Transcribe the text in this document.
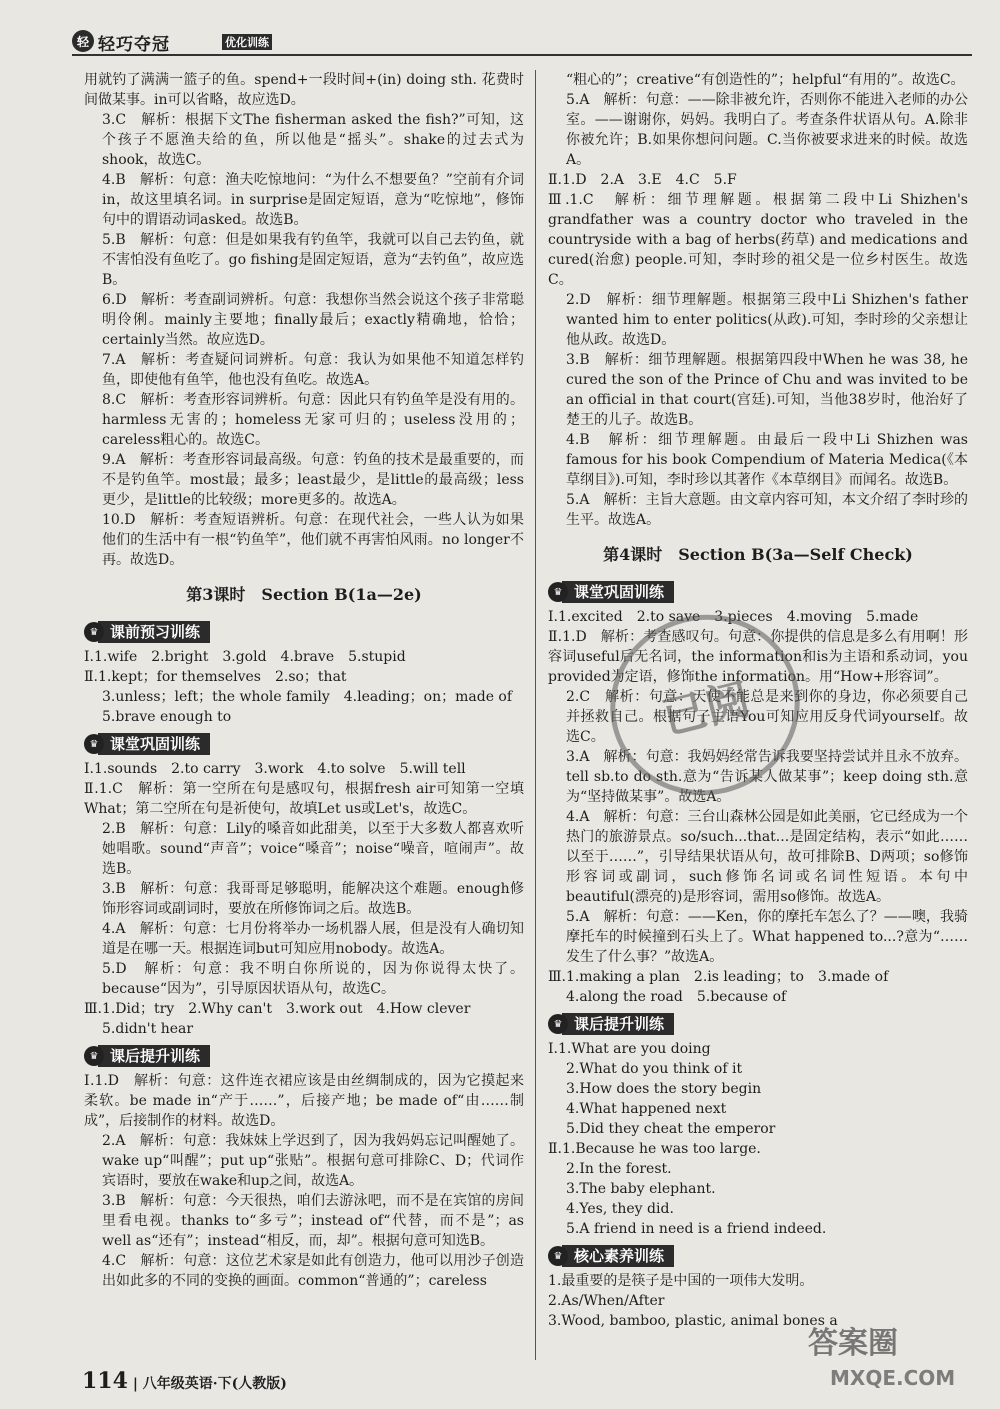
轻 轻巧夺冠	优化训练

用就钓了满满一篮子的鱼。spend+一段时间+(in) doing sth. 花费时间做某事。in可以省略，故应选D。

3.C　解析：根据下文The fisherman asked the fish?”可知，这个孩子不愿渔夫给的鱼，所以他是“摇头”。shake的过去式为shook，故选C。

4.B　解析：句意：渔夫吃惊地问：“为什么不想要鱼？”空前有介词in，故这里填名词。in surprise是固定短语，意为“吃惊地”，修饰句中的谓语动词asked。故选B。

5.B　解析：句意：但是如果我有钓鱼竿，我就可以自己去钓鱼，就不害怕没有鱼吃了。go fishing是固定短语，意为“去钓鱼”，故应选B。

6.D　解析：考查副词辨析。句意：我想你当然会说这个孩子非常聪明伶俐。mainly主要地；finally最后；exactly精确地，恰恰；certainly当然。故应选D。

7.A　解析：考查疑问词辨析。句意：我认为如果他不知道怎样钓鱼，即使他有鱼竿，他也没有鱼吃。故选A。

8.C　解析：考查形容词辨析。句意：因此只有钓鱼竿是没有用的。harmless无害的；homeless无家可归的；useless没用的；careless粗心的。故选C。

9.A　解析：考查形容词最高级。句意：钓鱼的技术是最重要的，而不是钓鱼竿。most最；最多；least最少，是little的最高级；less更少，是little的比较级；more更多的。故选A。

10.D　解析：考查短语辨析。句意：在现代社会，一些人认为如果他们的生活中有一根“钓鱼竿”，他们就不再害怕风雨。no longer不再。故选D。

第3课时　Section B(1a—2e)
♛ 课前预习训练

Ⅰ.1.wife　2.bright　3.gold　4.brave　5.stupid

Ⅱ.1.kept；for themselves　2.so；that

3.unless；left；the whole family　4.leading；on；made of

5.brave enough to

♛ 课堂巩固训练

Ⅰ.1.sounds　2.to carry　3.work　4.to solve　5.will tell

Ⅱ.1.C　解析：第一空所在句是感叹句，根据fresh air可知第一空填What；第二空所在句是祈使句，故填Let us或Let's，故选C。

2.B　解析：句意：Lily的嗓音如此甜美，以至于大多数人都喜欢听她唱歌。sound“声音”；voice“嗓音”；noise“噪音，喧闹声”。故选B。

3.B　解析：句意：我哥哥足够聪明，能解决这个难题。enough修饰形容词或副词时，要放在所修饰词之后。故选B。

4.A　解析：句意：七月份将举办一场机器人展，但是没有人确切知道是在哪一天。根据连词but可知应用nobody。故选A。

5.D　解析：句意：我不明白你所说的，因为你说得太快了。because“因为”，引导原因状语从句，故选C。

Ⅲ.1.Did；try　2.Why can't　3.work out　4.How clever

5.didn't hear

♛ 课后提升训练

Ⅰ.1.D　解析：句意：这件连衣裙应该是由丝绸制成的，因为它摸起来柔软。be made in“产于……”，后接产地；be made of“由……制成”，后接制作的材料。故选D。

2.A　解析：句意：我妹妹上学迟到了，因为我妈妈忘记叫醒她了。wake up“叫醒”；put up“张贴”。根据句意可排除C、D；代词作宾语时，要放在wake和up之间，故选A。

3.B　解析：句意：今天很热，咱们去游泳吧，而不是在宾馆的房间里看电视。thanks to“多亏”；instead of“代替，而不是”；as well as“还有”；instead“相反，而，却”。根据句意可知选B。

4.C　解析：句意：这位艺术家是如此有创造力，他可以用沙子创造出如此多的不同的变换的画面。common“普通的”；careless

“粗心的”；creative“有创造性的”；helpful“有用的”。故选C。

5.A　解析：句意：——除非被允许，否则你不能进入老师的办公室。——谢谢你，妈妈。我明白了。考查条件状语从句。A.除非你被允许；B.如果你想问问题。C.当你被要求进来的时候。故选A。

Ⅱ.1.D　2.A　3.E　4.C　5.F

Ⅲ.1.C　解析：细节理解题。根据第二段中Li Shizhen's grandfather was a country doctor who traveled in the countryside with a bag of herbs(药草) and medications and cured(治愈) people.可知，李时珍的祖父是一位乡村医生。故选C。

2.D　解析：细节理解题。根据第三段中Li Shizhen's father wanted him to enter politics(从政).可知，李时珍的父亲想让他从政。故选D。

3.B　解析：细节理解题。根据第四段中When he was 38, he cured the son of the Prince of Chu and was invited to be an official in that court(宫廷).可知，当他38岁时，他治好了楚王的儿子。故选B。

4.B　解析：细节理解题。由最后一段中Li Shizhen was famous for his book Compendium of Materia Medica(《本草纲目》).可知，李时珍以其著作《本草纲目》而闻名。故选B。

5.A　解析：主旨大意题。由文章内容可知，本文介绍了李时珍的生平。故选A。

第4课时　Section B(3a—Self Check)
♛ 课堂巩固训练

Ⅰ.1.excited　2.to save　3.pieces　4.moving　5.made

Ⅱ.1.D　解析：考查感叹句。句意：你提供的信息是多么有用啊！形容词useful后无名词，the information和is为主语和系动词，you provided为定语，修饰the information。用“How+形容词”。

2.C　解析：句意：天使不能总是来到你的身边，你必须要自己并拯救自己。根据句子主语You可知应用反身代词yourself。故选C。

3.A　解析：句意：我妈妈经常告诉我要坚持尝试并且永不放弃。tell sb.to do sth.意为“告诉某人做某事”；keep doing sth.意为“坚持做某事”。故选A。

4.A　解析：句意：三台山森林公园是如此美丽，它已经成为一个热门的旅游景点。so/such...that...是固定结构，表示“如此……以至于……”，引导结果状语从句，故可排除B、D两项；so修饰形容词或副词，such修饰名词或名词性短语。本句中beautiful(漂亮的)是形容词，需用so修饰。故选A。

5.A　解析：句意：——Ken，你的摩托车怎么了？——噢，我骑摩托车的时候撞到石头上了。What happened to...?意为“……发生了什么事？”故选A。

Ⅲ.1.making a plan　2.is leading；to　3.made of

4.along the road　5.because of

♛ 课后提升训练

Ⅰ.1.What are you doing

2.What do you think of it

3.How does the story begin

4.What happened next

5.Did they cheat the emperor

Ⅱ.1.Because he was too large.

2.In the forest.

3.The baby elephant.

4.Yes, they did.

5.A friend in need is a friend indeed.

♛ 核心素养训练

1.最重要的是筷子是中国的一项伟大发明。

2.As/When/After

3.Wood, bamboo, plastic, animal bones a

已阅
答案圈
MXQE.COM
114 | 八年级英语·下(人教版)
